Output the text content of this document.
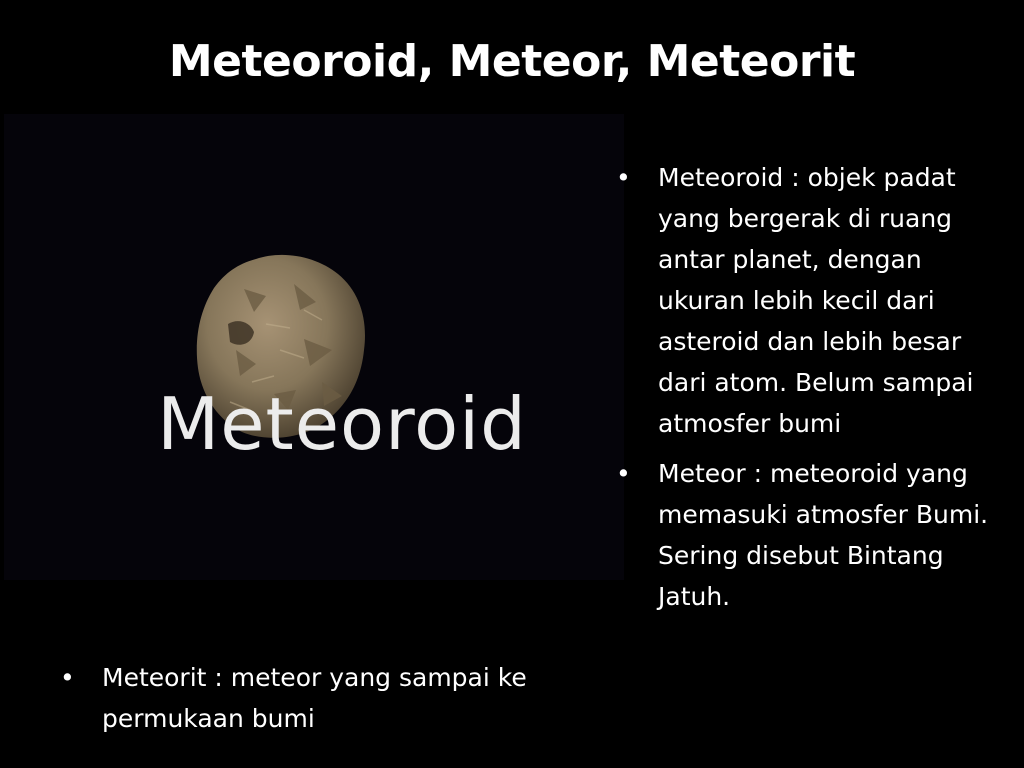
Meteoroid, Meteor, Meteorit
Meteoroid
•	Meteoroid : objek padat yang bergerak di ruang antar planet, dengan ukuran lebih kecil dari asteroid dan lebih besar dari atom. Belum sampai atmosfer bumi
•	Meteor : meteoroid yang memasuki atmosfer Bumi. Sering disebut Bintang Jatuh.
•	Meteorit : meteor yang sampai ke permukaan bumi
